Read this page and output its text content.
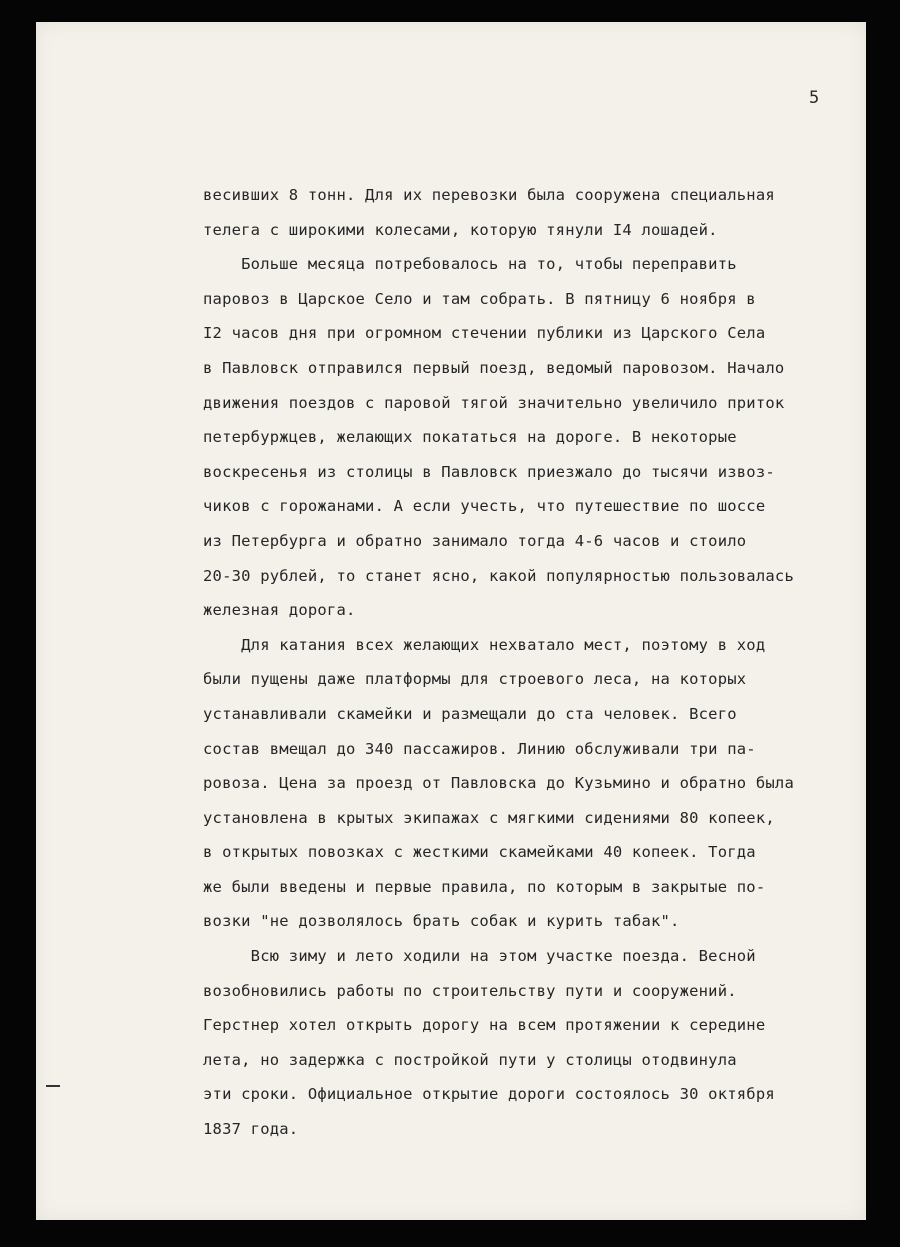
5
весивших 8 тонн. Для их перевозки была сооружена специальная
телега с широкими колесами, которую тянули I4 лошадей.
Больше месяца потребовалось на то, чтобы переправить
паровоз в Царское Село и там собрать. В пятницу 6 ноября в
I2 часов дня при огромном стечении публики из Царского Села
в Павловск отправился первый поезд, ведомый паровозом. Начало
движения поездов с паровой тягой значительно увеличило приток
петербуржцев, желающих покататься на дороге. В некоторые
воскресенья из столицы в Павловск приезжало до тысячи извоз-
чиков с горожанами. А если учесть, что путешествие по шоссе
из Петербурга и обратно занимало тогда 4-6 часов и стоило
20-30 рублей, то станет ясно, какой популярностью пользовалась
железная дорога.
Для катания всех желающих нехватало мест, поэтому в ход
были пущены даже платформы для строевого леса, на которых
устанавливали скамейки и размещали до ста человек. Всего
состав вмещал до 340 пассажиров. Линию обслуживали три па-
ровоза. Цена за проезд от Павловска до Кузьмино и обратно была
установлена в крытых экипажах с мягкими сидениями 80 копеек,
в открытых повозках с жесткими скамейками 40 копеек. Тогда
же были введены и первые правила, по которым в закрытые по-
возки "не дозволялось брать собак и курить табак".
Всю зиму и лето ходили на этом участке поезда. Весной
возобновились работы по строительству пути и сооружений.
Герстнер хотел открыть дорогу на всем протяжении к середине
лета, но задержка с постройкой пути у столицы отодвинула
эти сроки. Официальное открытие дороги состоялось 30 октября
1837 года.
